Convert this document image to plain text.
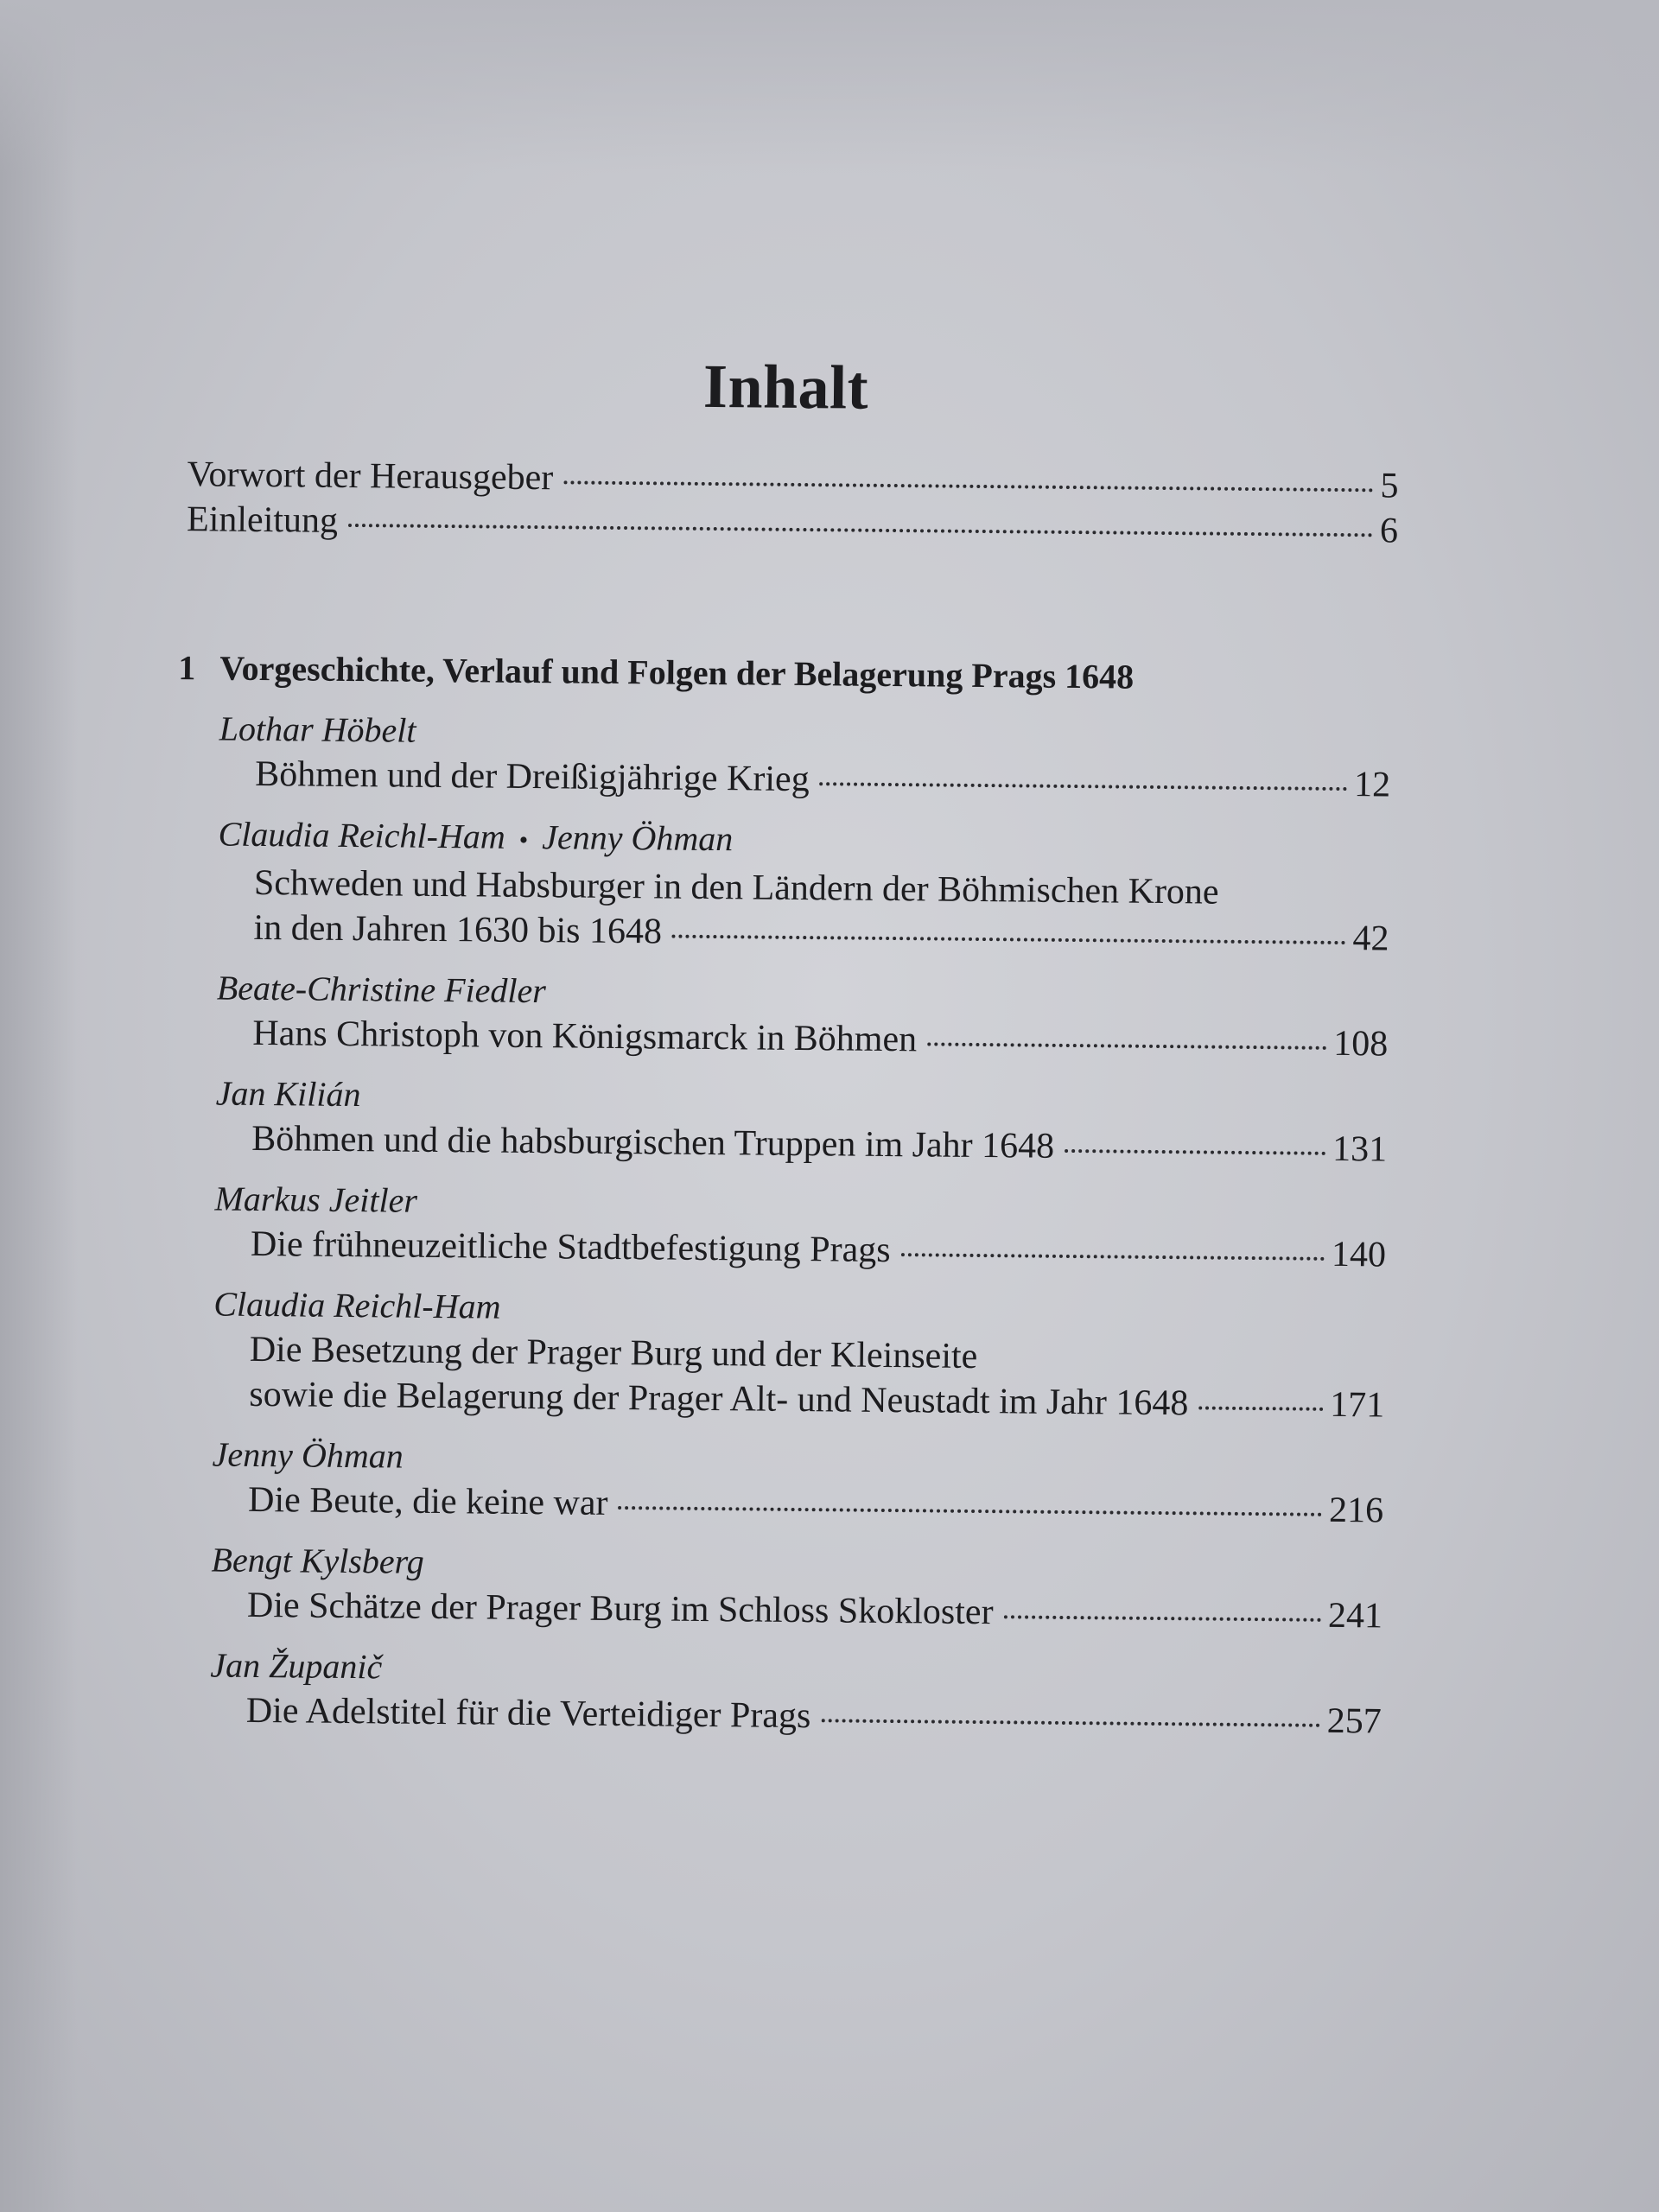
Inhalt
Vorwort der Herausgeber	5
Einleitung	6
1 Vorgeschichte, Verlauf und Folgen der Belagerung Prags 1648
Lothar Höbelt
Böhmen und der Dreißigjährige Krieg	12
Claudia Reichl-Ham • Jenny Öhman
Schweden und Habsburger in den Ländern der Böhmischen Krone
in den Jahren 1630 bis 1648	42
Beate-Christine Fiedler
Hans Christoph von Königsmarck in Böhmen	108
Jan Kilián
Böhmen und die habsburgischen Truppen im Jahr 1648	131
Markus Jeitler
Die frühneuzeitliche Stadtbefestigung Prags	140
Claudia Reichl-Ham
Die Besetzung der Prager Burg und der Kleinseite
sowie die Belagerung der Prager Alt- und Neustadt im Jahr 1648	171
Jenny Öhman
Die Beute, die keine war	216
Bengt Kylsberg
Die Schätze der Prager Burg im Schloss Skokloster	241
Jan Županič
Die Adelstitel für die Verteidiger Prags	257
